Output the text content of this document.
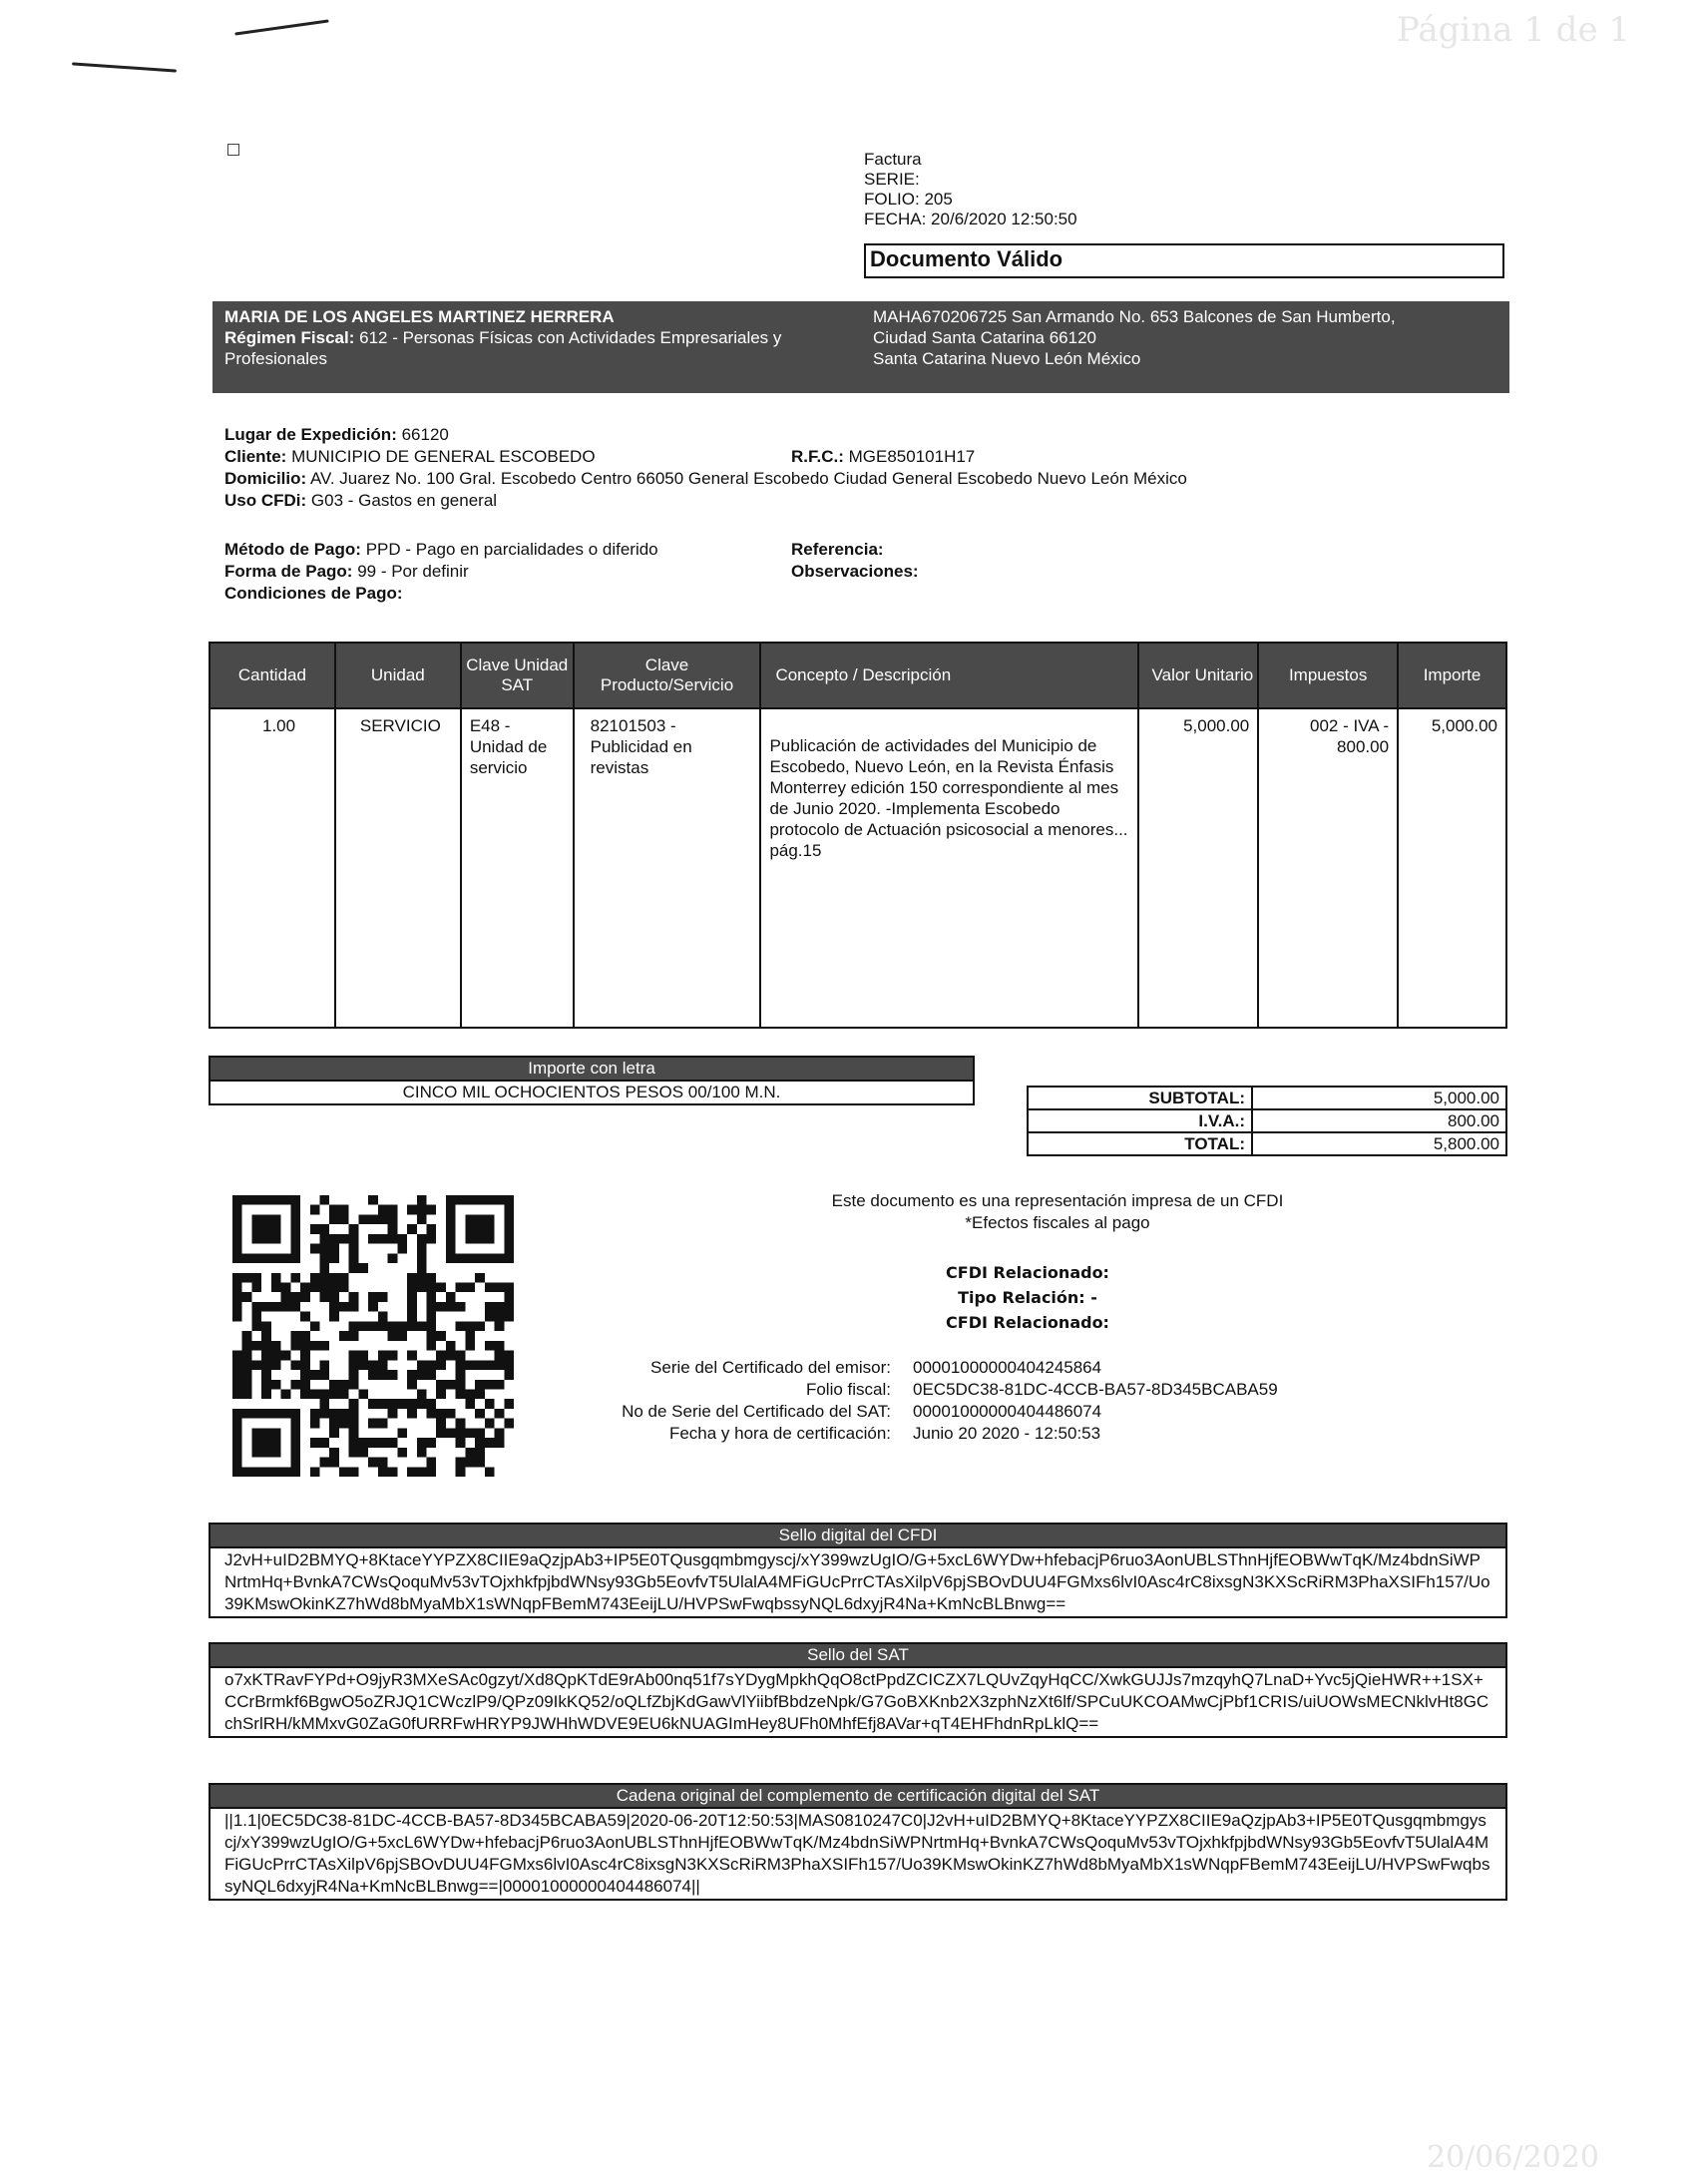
Página 1 de 1
Factura
SERIE:
FOLIO: 205
FECHA: 20/6/2020 12:50:50
Documento Válido
MARIA DE LOS ANGELES MARTINEZ HERRERA
Régimen Fiscal: 612 - Personas Físicas con Actividades Empresariales y Profesionales
MAHA670206725 San Armando No. 653 Balcones de San Humberto,
Ciudad Santa Catarina 66120
Santa Catarina Nuevo León México
Lugar de Expedición: 66120
Cliente: MUNICIPIO DE GENERAL ESCOBEDO	R.F.C.: MGE850101H17
Domicilio: AV. Juarez No. 100 Gral. Escobedo Centro 66050 General Escobedo Ciudad General Escobedo Nuevo León México
Uso CFDi: G03 - Gastos en general
Método de Pago: PPD - Pago en parcialidades o diferido	Referencia:
Forma de Pago: 99 - Por definir	Observaciones:
Condiciones de Pago:
Cantidad	Unidad	Clave Unidad SAT	Clave Producto/Servicio	Concepto / Descripción	Valor Unitario	Impuestos	Importe
1.00	SERVICIO	E48 - Unidad de servicio	82101503 - Publicidad en revistas	Publicación de actividades del Municipio de Escobedo, Nuevo León, en la Revista Énfasis Monterrey edición 150 correspondiente al mes de Junio 2020. -Implementa Escobedo protocolo de Actuación psicosocial a menores... pág.15	5,000.00	002 - IVA - 800.00	5,000.00
Importe con letra
CINCO MIL OCHOCIENTOS PESOS 00/100 M.N.	SUBTOTAL:	5,000.00
I.V.A.:	800.00
TOTAL:	5,800.00
Este documento es una representación impresa de un CFDI
*Efectos fiscales al pago
CFDI Relacionado:
Tipo Relación: -
CFDI Relacionado:
Serie del Certificado del emisor:	00001000000404245864
Folio fiscal:	0EC5DC38-81DC-4CCB-BA57-8D345BCABA59
No de Serie del Certificado del SAT:	00001000000404486074
Fecha y hora de certificación:	Junio 20 2020 - 12:50:53
Sello digital del CFDI
J2vH+uID2BMYQ+8KtaceYYPZX8CIIE9aQzjpAb3+IP5E0TQusgqmbmgyscj/xY399wzUgIO/G+5xcL6WYDw+hfebacjP6ruo3AonUBLSThnHjfEOBWwTqK/Mz4bdnSiWPNrtmHq+BvnkA7CWsQoquMv53vTOjxhkfpjbdWNsy93Gb5EovfvT5UlalA4MFiGUcPrrCTAsXilpV6pjSBOvDUU4FGMxs6lvI0Asc4rC8ixsgN3KXScRiRM3PhaXSIFh157/Uo39KMswOkinKZ7hWd8bMyaMbX1sWNqpFBemM743EeijLU/HVPSwFwqbssyNQL6dxyjR4Na+KmNcBLBnwg==
Sello del SAT
o7xKTRavFYPd+O9jyR3MXeSAc0gzyt/Xd8QpKTdE9rAb00nq51f7sYDygMpkhQqO8ctPpdZCICZX7LQUvZqyHqCC/XwkGUJJs7mzqyhQ7LnaD+Yvc5jQieHWR++1SX+CCrBrmkf6BgwO5oZRJQ1CWczlP9/QPz09IkKQ52/oQLfZbjKdGawVlYiibfBbdzeNpk/G7GoBXKnb2X3zphNzXt6lf/SPCuUKCOAMwCjPbf1CRIS/uiUOWsMECNklvHt8GCchSrlRH/kMMxvG0ZaG0fURRFwHRYP9JWHhWDVE9EU6kNUAGImHey8UFh0MhfEfj8AVar+qT4EHFhdnRpLklQ==
Cadena original del complemento de certificación digital del SAT
||1.1|0EC5DC38-81DC-4CCB-BA57-8D345BCABA59|2020-06-20T12:50:53|MAS0810247C0|J2vH+uID2BMYQ+8KtaceYYPZX8CIIE9aQzjpAb3+IP5E0TQusgqmbmgyscj/xY399wzUgIO/G+5xcL6WYDw+hfebacjP6ruo3AonUBLSThnHjfEOBWwTqK/Mz4bdnSiWPNrtmHq+BvnkA7CWsQoquMv53vTOjxhkfpjbdWNsy93Gb5EovfvT5UlalA4MFiGUcPrrCTAsXilpV6pjSBOvDUU4FGMxs6lvI0Asc4rC8ixsgN3KXScRiRM3PhaXSIFh157/Uo39KMswOkinKZ7hWd8bMyaMbX1sWNqpFBemM743EeijLU/HVPSwFwqbssyNQL6dxyjR4Na+KmNcBLBnwg==|00001000000404486074||
20/06/2020
